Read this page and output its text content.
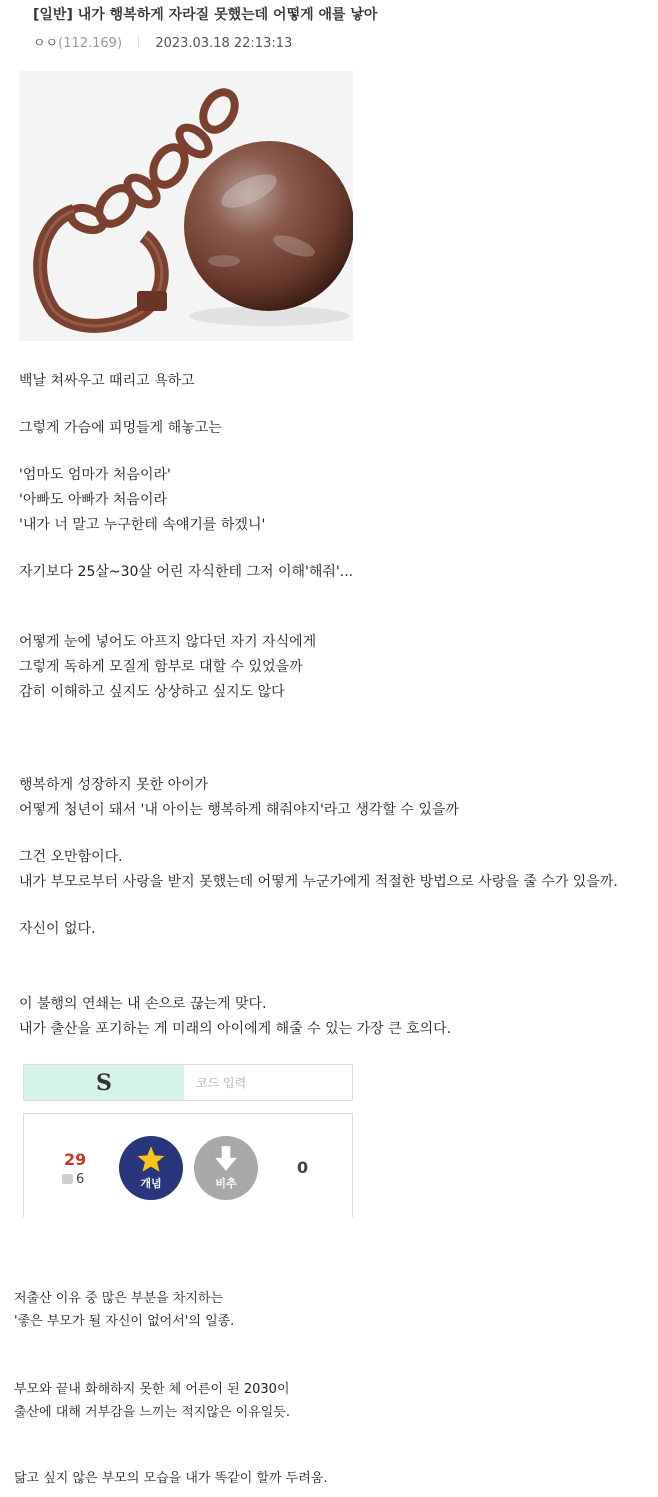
[일반] 내가 행복하게 자라질 못했는데 어떻게 애를 낳아
ㅇㅇ(112.169)	2023.03.18 22:13:13
백날 쳐싸우고 때리고 욕하고
그렇게 가슴에 피멍들게 해놓고는
'엄마도 엄마가 처음이라'
'아빠도 아빠가 처음이라
'내가 너 말고 누구한테 속얘기를 하겠니'
자기보다 25살~30살 어린 자식한테 그저 이해'해줘'...
어떻게 눈에 넣어도 아프지 않다던 자기 자식에게
그렇게 독하게 모질게 함부로 대할 수 있었을까
감히 이해하고 싶지도 상상하고 싶지도 않다
행복하게 성장하지 못한 아이가
어떻게 청년이 돼서 '내 아이는 행복하게 해줘야지'라고 생각할 수 있을까
그건 오만함이다.
내가 부모로부터 사랑을 받지 못했는데 어떻게 누군가에게 적절한 방법으로 사랑을 줄 수가 있을까.
자신이 없다.
이 불행의 연쇄는 내 손으로 끊는게 맞다.
내가 출산을 포기하는 게 미래의 아이에게 해줄 수 있는 가장 큰 호의다.
S	코드 입력
29
6	개념	비추
0
저출산 이유 중 많은 부분을 차지하는
'좋은 부모가 될 자신이 없어서'의 일종.
부모와 끝내 화해하지 못한 체 어른이 된 2030이
출산에 대해 거부감을 느끼는 적지않은 이유일듯.
닮고 싶지 않은 부모의 모습을 내가 똑같이 할까 두려움.
